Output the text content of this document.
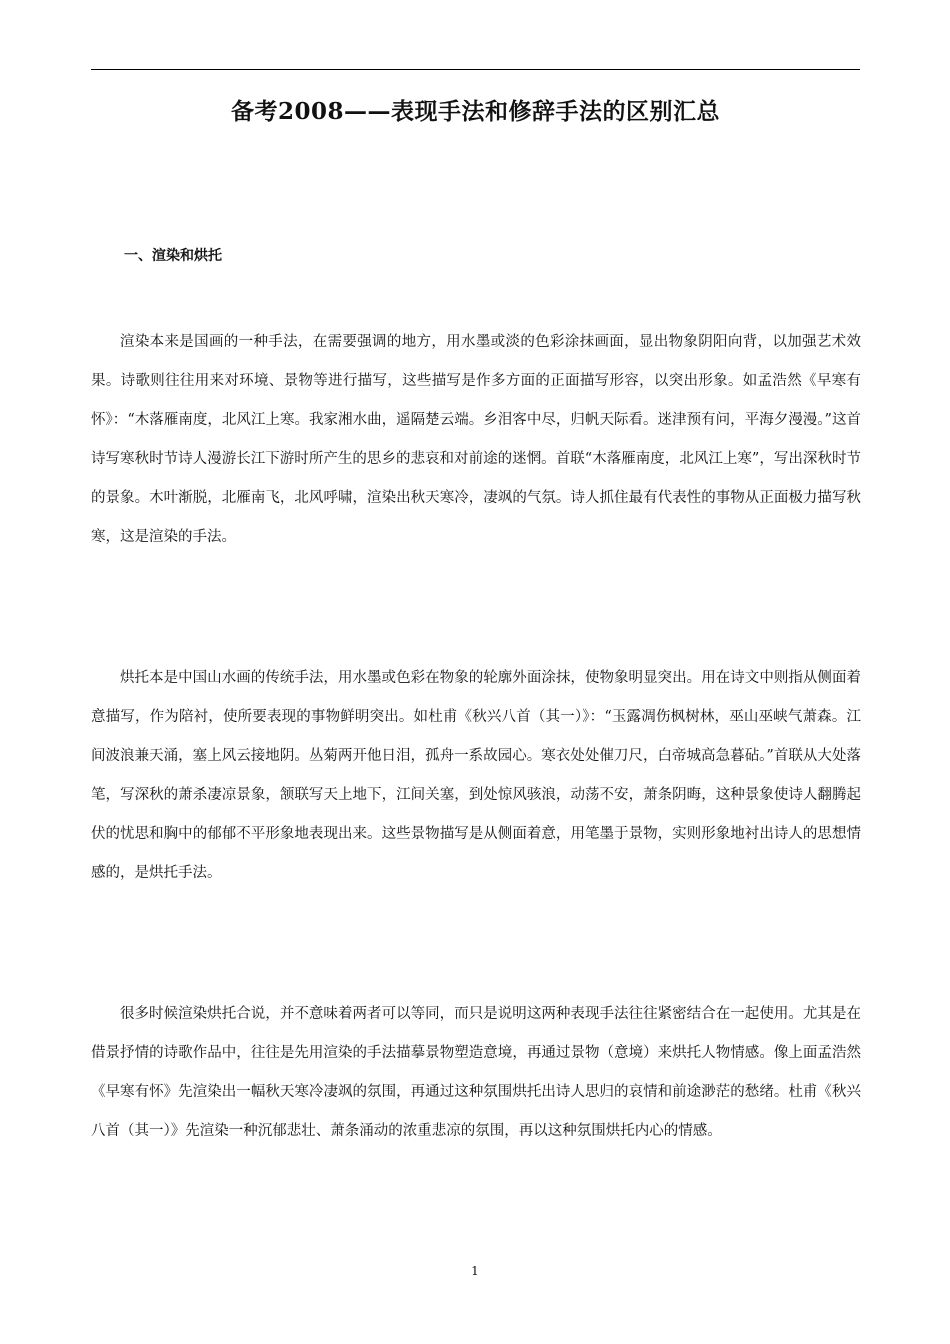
备考2008——表现手法和修辞手法的区别汇总
一、渲染和烘托

渲染本来是国画的一种手法，在需要强调的地方，用水墨或淡的色彩涂抹画面，显出物象阴阳向背，以加强艺术效果。诗歌则往往用来对环境、景物等进行描写，这些描写是作多方面的正面描写形容，以突出形象。如孟浩然《早寒有怀》：“木落雁南度，北风江上寒。我家湘水曲，遥隔楚云端。乡泪客中尽，归帆天际看。迷津预有问，平海夕漫漫。”这首诗写寒秋时节诗人漫游长江下游时所产生的思乡的悲哀和对前途的迷惘。首联“木落雁南度，北风江上寒”，写出深秋时节的景象。木叶渐脱，北雁南飞，北风呼啸，渲染出秋天寒冷，凄飒的气氛。诗人抓住最有代表性的事物从正面极力描写秋寒，这是渲染的手法。

烘托本是中国山水画的传统手法，用水墨或色彩在物象的轮廓外面涂抹，使物象明显突出。用在诗文中则指从侧面着意描写，作为陪衬，使所要表现的事物鲜明突出。如杜甫《秋兴八首（其一）》：“玉露凋伤枫树林，巫山巫峡气萧森。江间波浪兼天涌，塞上风云接地阴。丛菊两开他日泪，孤舟一系故园心。寒衣处处催刀尺，白帝城高急暮砧。”首联从大处落笔，写深秋的萧杀凄凉景象，颔联写天上地下，江间关塞，到处惊风骇浪，动荡不安，萧条阴晦，这种景象使诗人翻腾起伏的忧思和胸中的郁郁不平形象地表现出来。这些景物描写是从侧面着意，用笔墨于景物，实则形象地衬出诗人的思想情感的，是烘托手法。

很多时候渲染烘托合说，并不意味着两者可以等同，而只是说明这两种表现手法往往紧密结合在一起使用。尤其是在借景抒情的诗歌作品中，往往是先用渲染的手法描摹景物塑造意境，再通过景物（意境）来烘托人物情感。像上面孟浩然《早寒有怀》先渲染出一幅秋天寒冷凄飒的氛围，再通过这种氛围烘托出诗人思归的哀情和前途渺茫的愁绪。杜甫《秋兴八首（其一）》先渲染一种沉郁悲壮、萧条涌动的浓重悲凉的氛围，再以这种氛围烘托内心的情感。

1
